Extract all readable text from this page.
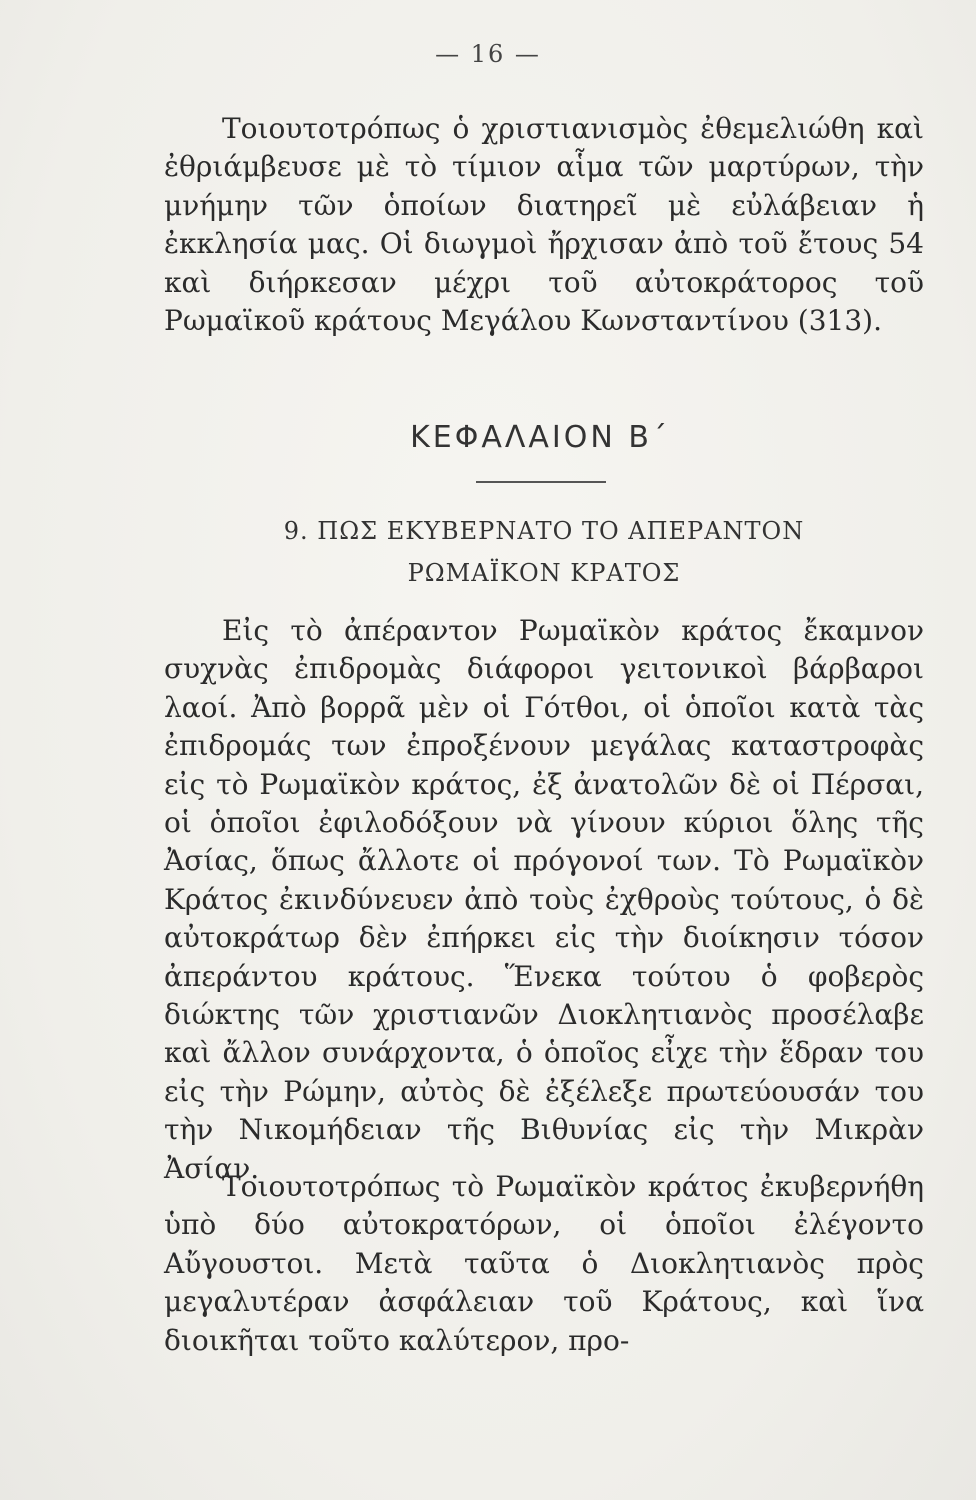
— 16 —

Τοιουτοτρόπως ὁ χριστιανισμὸς ἐθεμελιώθη καὶ ἐθριάμβευσε μὲ τὸ τίμιον αἷμα τῶν μαρτύρων, τὴν μνήμην τῶν ὁποίων διατηρεῖ μὲ εὐλάβειαν ἡ ἐκκλησία μας. Οἱ διωγμοὶ ἤρχισαν ἀπὸ τοῦ ἔτους 54 καὶ διήρκεσαν μέχρι τοῦ αὐτοκράτορος τοῦ Ρωμαϊκοῦ κράτους Μεγάλου Κωνσταντίνου (313).

ΚΕΦΑΛΑΙΟΝ Β΄
9. ΠΩΣ ΕΚΥΒΕΡΝΑΤΟ ΤΟ ΑΠΕΡΑΝΤΟΝ
ΡΩΜΑΪΚΟΝ ΚΡΑΤΟΣ

Εἰς τὸ ἀπέραντον Ρωμαϊκὸν κράτος ἔκαμνον συχνὰς ἐπιδρομὰς διάφοροι γειτονικοὶ βάρβαροι λαοί. Ἀπὸ βορρᾶ μὲν οἱ Γότθοι, οἱ ὁποῖοι κατὰ τὰς ἐπιδρομάς των ἐπροξένουν μεγάλας καταστροφὰς εἰς τὸ Ρωμαϊκὸν κράτος, ἐξ ἀνατολῶν δὲ οἱ Πέρσαι, οἱ ὁποῖοι ἐφιλοδόξουν νὰ γίνουν κύριοι ὅλης τῆς Ἀσίας, ὅπως ἄλλοτε οἱ πρόγονοί των. Τὸ Ρωμαϊκὸν Κράτος ἐκινδύνευεν ἀπὸ τοὺς ἐχθροὺς τούτους, ὁ δὲ αὐτοκράτωρ δὲν ἐπήρκει εἰς τὴν διοίκησιν τόσον ἀπεράντου κράτους. Ἕνεκα τούτου ὁ φοβερὸς διώκτης τῶν χριστιανῶν Διοκλητιανὸς προσέλαβε καὶ ἄλλον συνάρχοντα, ὁ ὁποῖος εἶχε τὴν ἕδραν του εἰς τὴν Ρώμην, αὐτὸς δὲ ἐξέλεξε πρωτεύουσάν του τὴν Νικομήδειαν τῆς Βιθυνίας εἰς τὴν Μικρὰν Ἀσίαν.

Τοιουτοτρόπως τὸ Ρωμαϊκὸν κράτος ἐκυβερνήθη ὑπὸ δύο αὐτοκρατόρων, οἱ ὁποῖοι ἐλέγοντο Αὔγουστοι. Μετὰ ταῦτα ὁ Διοκλητιανὸς πρὸς μεγαλυτέραν ἀσφάλειαν τοῦ Κράτους, καὶ ἵνα διοικῆται τοῦτο καλύτερον, προ-
